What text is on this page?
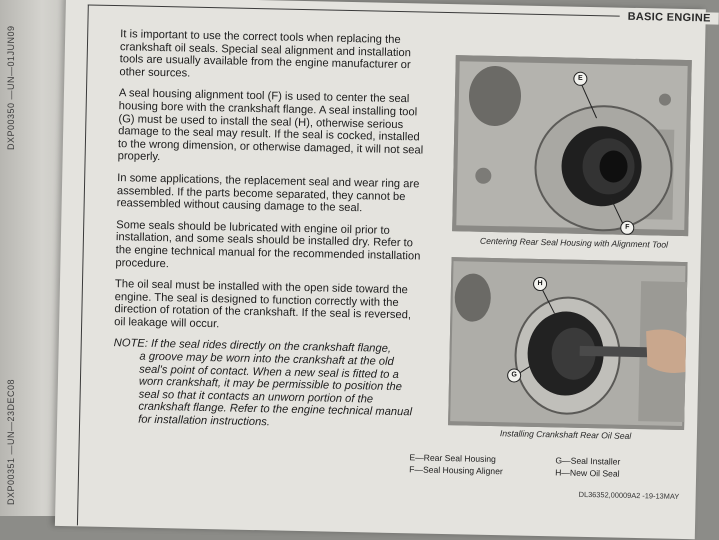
DXP00350 —UN—01JUN09
DXP00351 —UN—23DEC08
BASIC ENGINE

It is important to use the correct tools when replacing the crankshaft oil seals. Special seal alignment and installation tools are usually available from the engine manufacturer or other sources.

A seal housing alignment tool (F) is used to center the seal housing bore with the crankshaft flange. A seal installing tool (G) must be used to install the seal (H), otherwise serious damage to the seal may result. If the seal is cocked, installed to the wrong dimension, or otherwise damaged, it will not seal properly.

In some applications, the replacement seal and wear ring are assembled. If the parts become separated, they cannot be reassembled without causing damage to the seal.

Some seals should be lubricated with engine oil prior to installation, and some seals should be installed dry. Refer to the engine technical manual for the recommended installation procedure.

The oil seal must be installed with the open side toward the engine. The seal is designed to function correctly with the direction of rotation of the crankshaft. If the seal is reversed, oil leakage will occur.

NOTE: If the seal rides directly on the crankshaft flange,
a groove may be worn into the crankshaft at the old seal's point of contact. When a new seal is fitted to a worn crankshaft, it may be permissible to position the seal so that it contacts an unworn portion of the crankshaft flange. Refer to the engine technical manual for installation instructions.

E
F
Centering Rear Seal Housing with Alignment Tool
H
G
Installing Crankshaft Rear Oil Seal
E—Rear Seal Housing
F—Seal Housing Aligner
G—Seal Installer
H—New Oil Seal
DL36352,00009A2 -19-13MAY
